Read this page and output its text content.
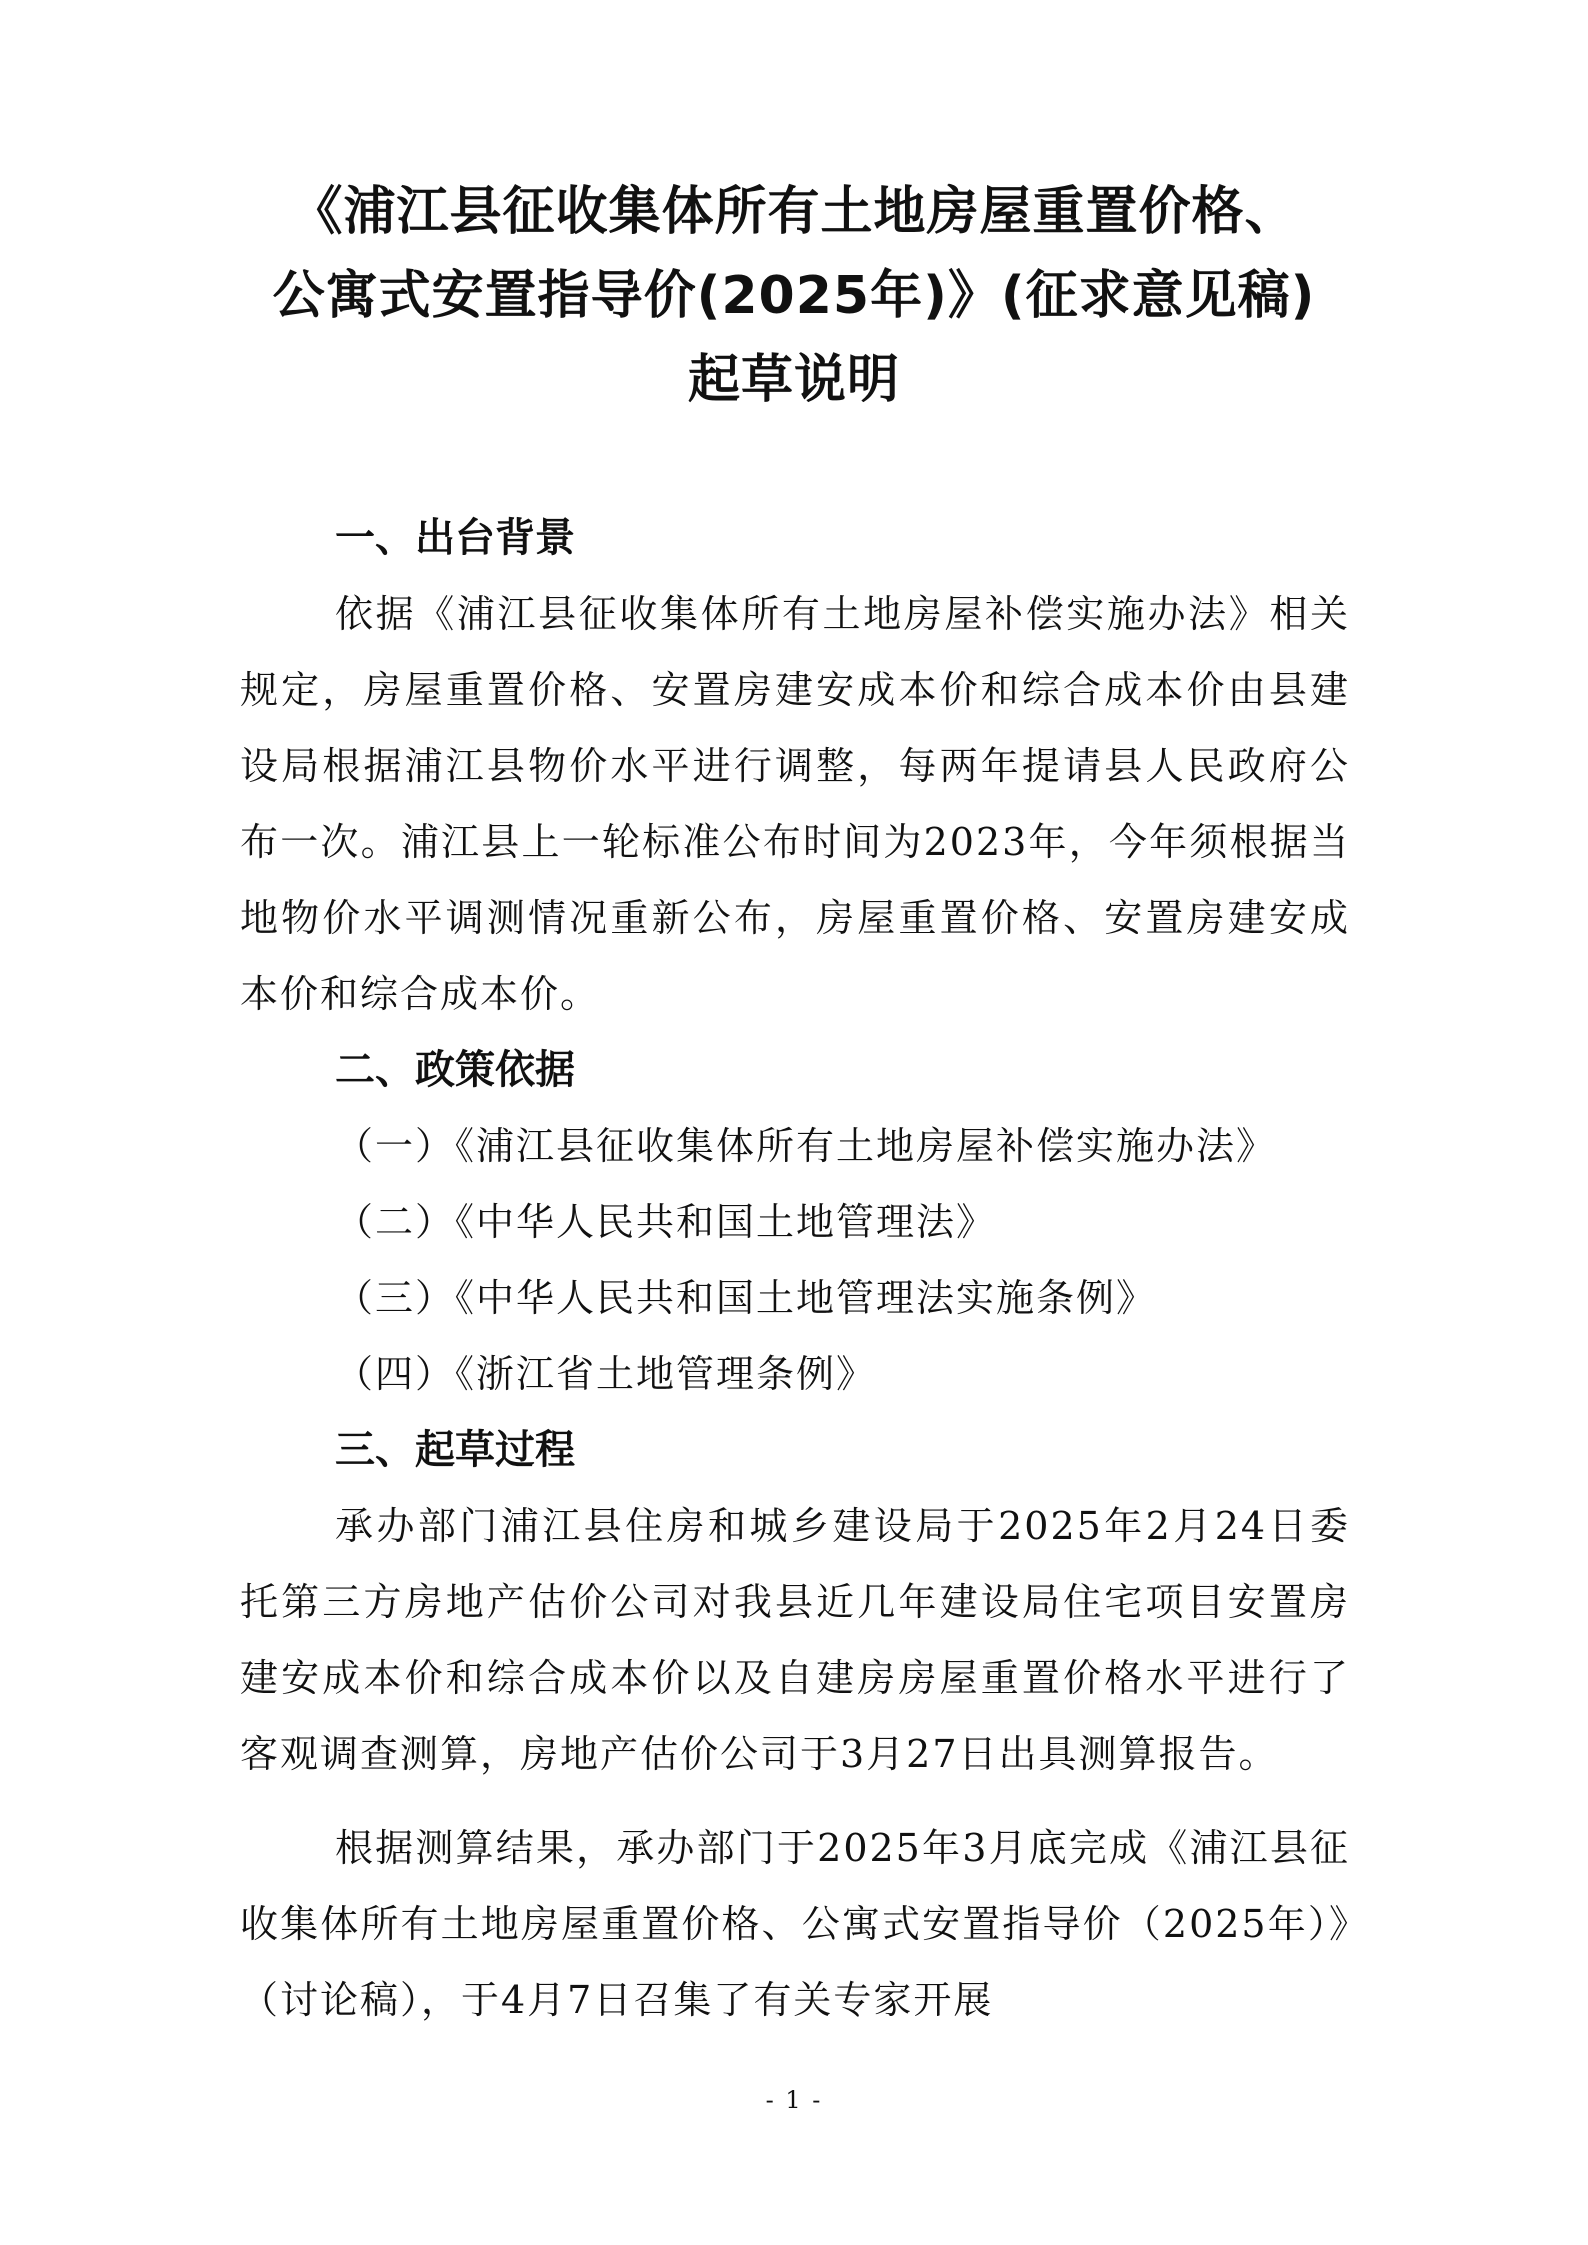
《浦江县征收集体所有土地房屋重置价格、
公寓式安置指导价(2025年)》(征求意见稿)
起草说明
一、出台背景
依据《浦江县征收集体所有土地房屋补偿实施办法》相关规定，房屋重置价格、安置房建安成本价和综合成本价由县建设局根据浦江县物价水平进行调整，每两年提请县人民政府公布一次。浦江县上一轮标准公布时间为2023年，今年须根据当地物价水平调测情况重新公布，房屋重置价格、安置房建安成本价和综合成本价。
二、政策依据
（一）《浦江县征收集体所有土地房屋补偿实施办法》
（二）《中华人民共和国土地管理法》
（三）《中华人民共和国土地管理法实施条例》
（四）《浙江省土地管理条例》
三、起草过程
承办部门浦江县住房和城乡建设局于2025年2月24日委托第三方房地产估价公司对我县近几年建设局住宅项目安置房建安成本价和综合成本价以及自建房房屋重置价格水平进行了客观调查测算，房地产估价公司于3月27日出具测算报告。
根据测算结果，承办部门于2025年3月底完成《浦江县征收集体所有土地房屋重置价格、公寓式安置指导价（2025年）》（讨论稿），于4月7日召集了有关专家开展
- 1 -
